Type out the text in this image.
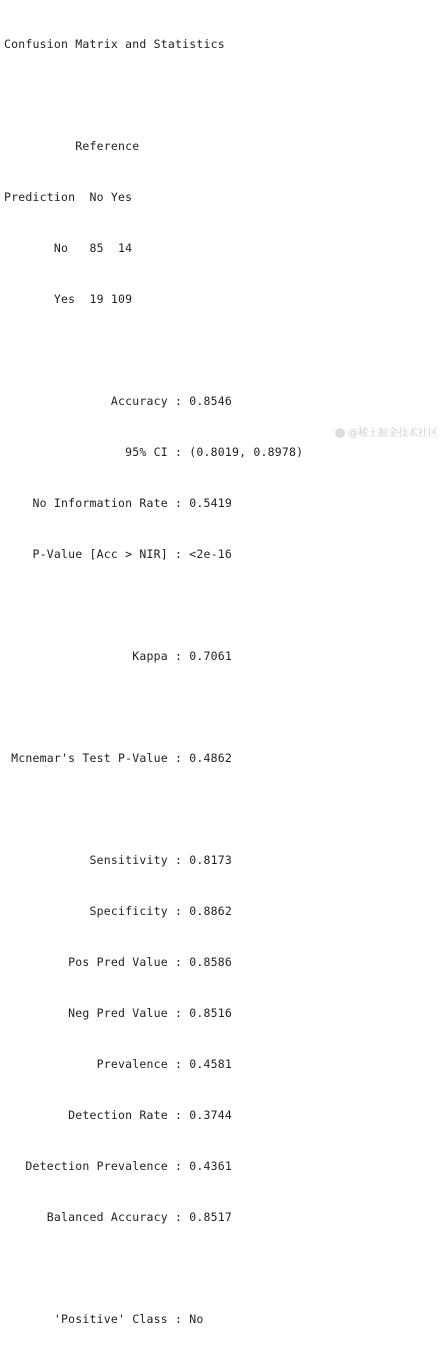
Confusion Matrix and Statistics

Reference

Prediction  No Yes

No   85  14

Yes  19 109

Accuracy : 0.8546

95% CI : (0.8019, 0.8978)

No Information Rate : 0.5419

P-Value [Acc > NIR] : <2e-16

Kappa : 0.7061

Mcnemar's Test P-Value : 0.4862

Sensitivity : 0.8173

Specificity : 0.8862

Pos Pred Value : 0.8586

Neg Pred Value : 0.8516

Prevalence : 0.4581

Detection Rate : 0.3744

Detection Prevalence : 0.4361

Balanced Accuracy : 0.8517

'Positive' Class : No

@稀土掘金技术社区
